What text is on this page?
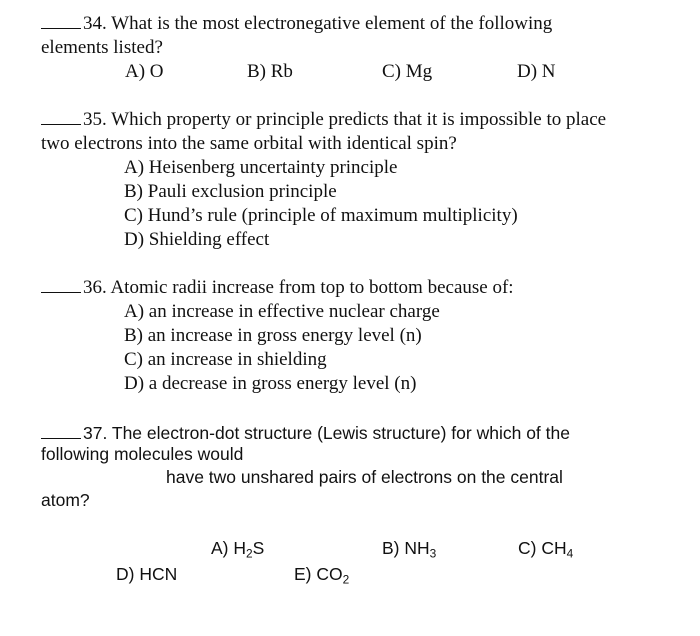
34. What is the most electronegative element of the following
elements listed?
A) O	B) Rb	C) Mg	D) N
35. Which property or principle predicts that it is impossible to place
two electrons into the same orbital with identical spin?
A) Heisenberg uncertainty principle
B) Pauli exclusion principle
C) Hund’s rule (principle of maximum multiplicity)
D) Shielding effect
36. Atomic radii increase from top to bottom because of:
A) an increase in effective nuclear charge
B) an increase in gross energy level (n)
C) an increase in shielding
D) a decrease in gross energy level (n)
37. The electron-dot structure (Lewis structure) for which of the
following molecules would
have two unshared pairs of electrons on the central
atom?
A) $H_2S$	B) $NH_3$	C) $CH_4$
D) HCN	E) $CO_2$
